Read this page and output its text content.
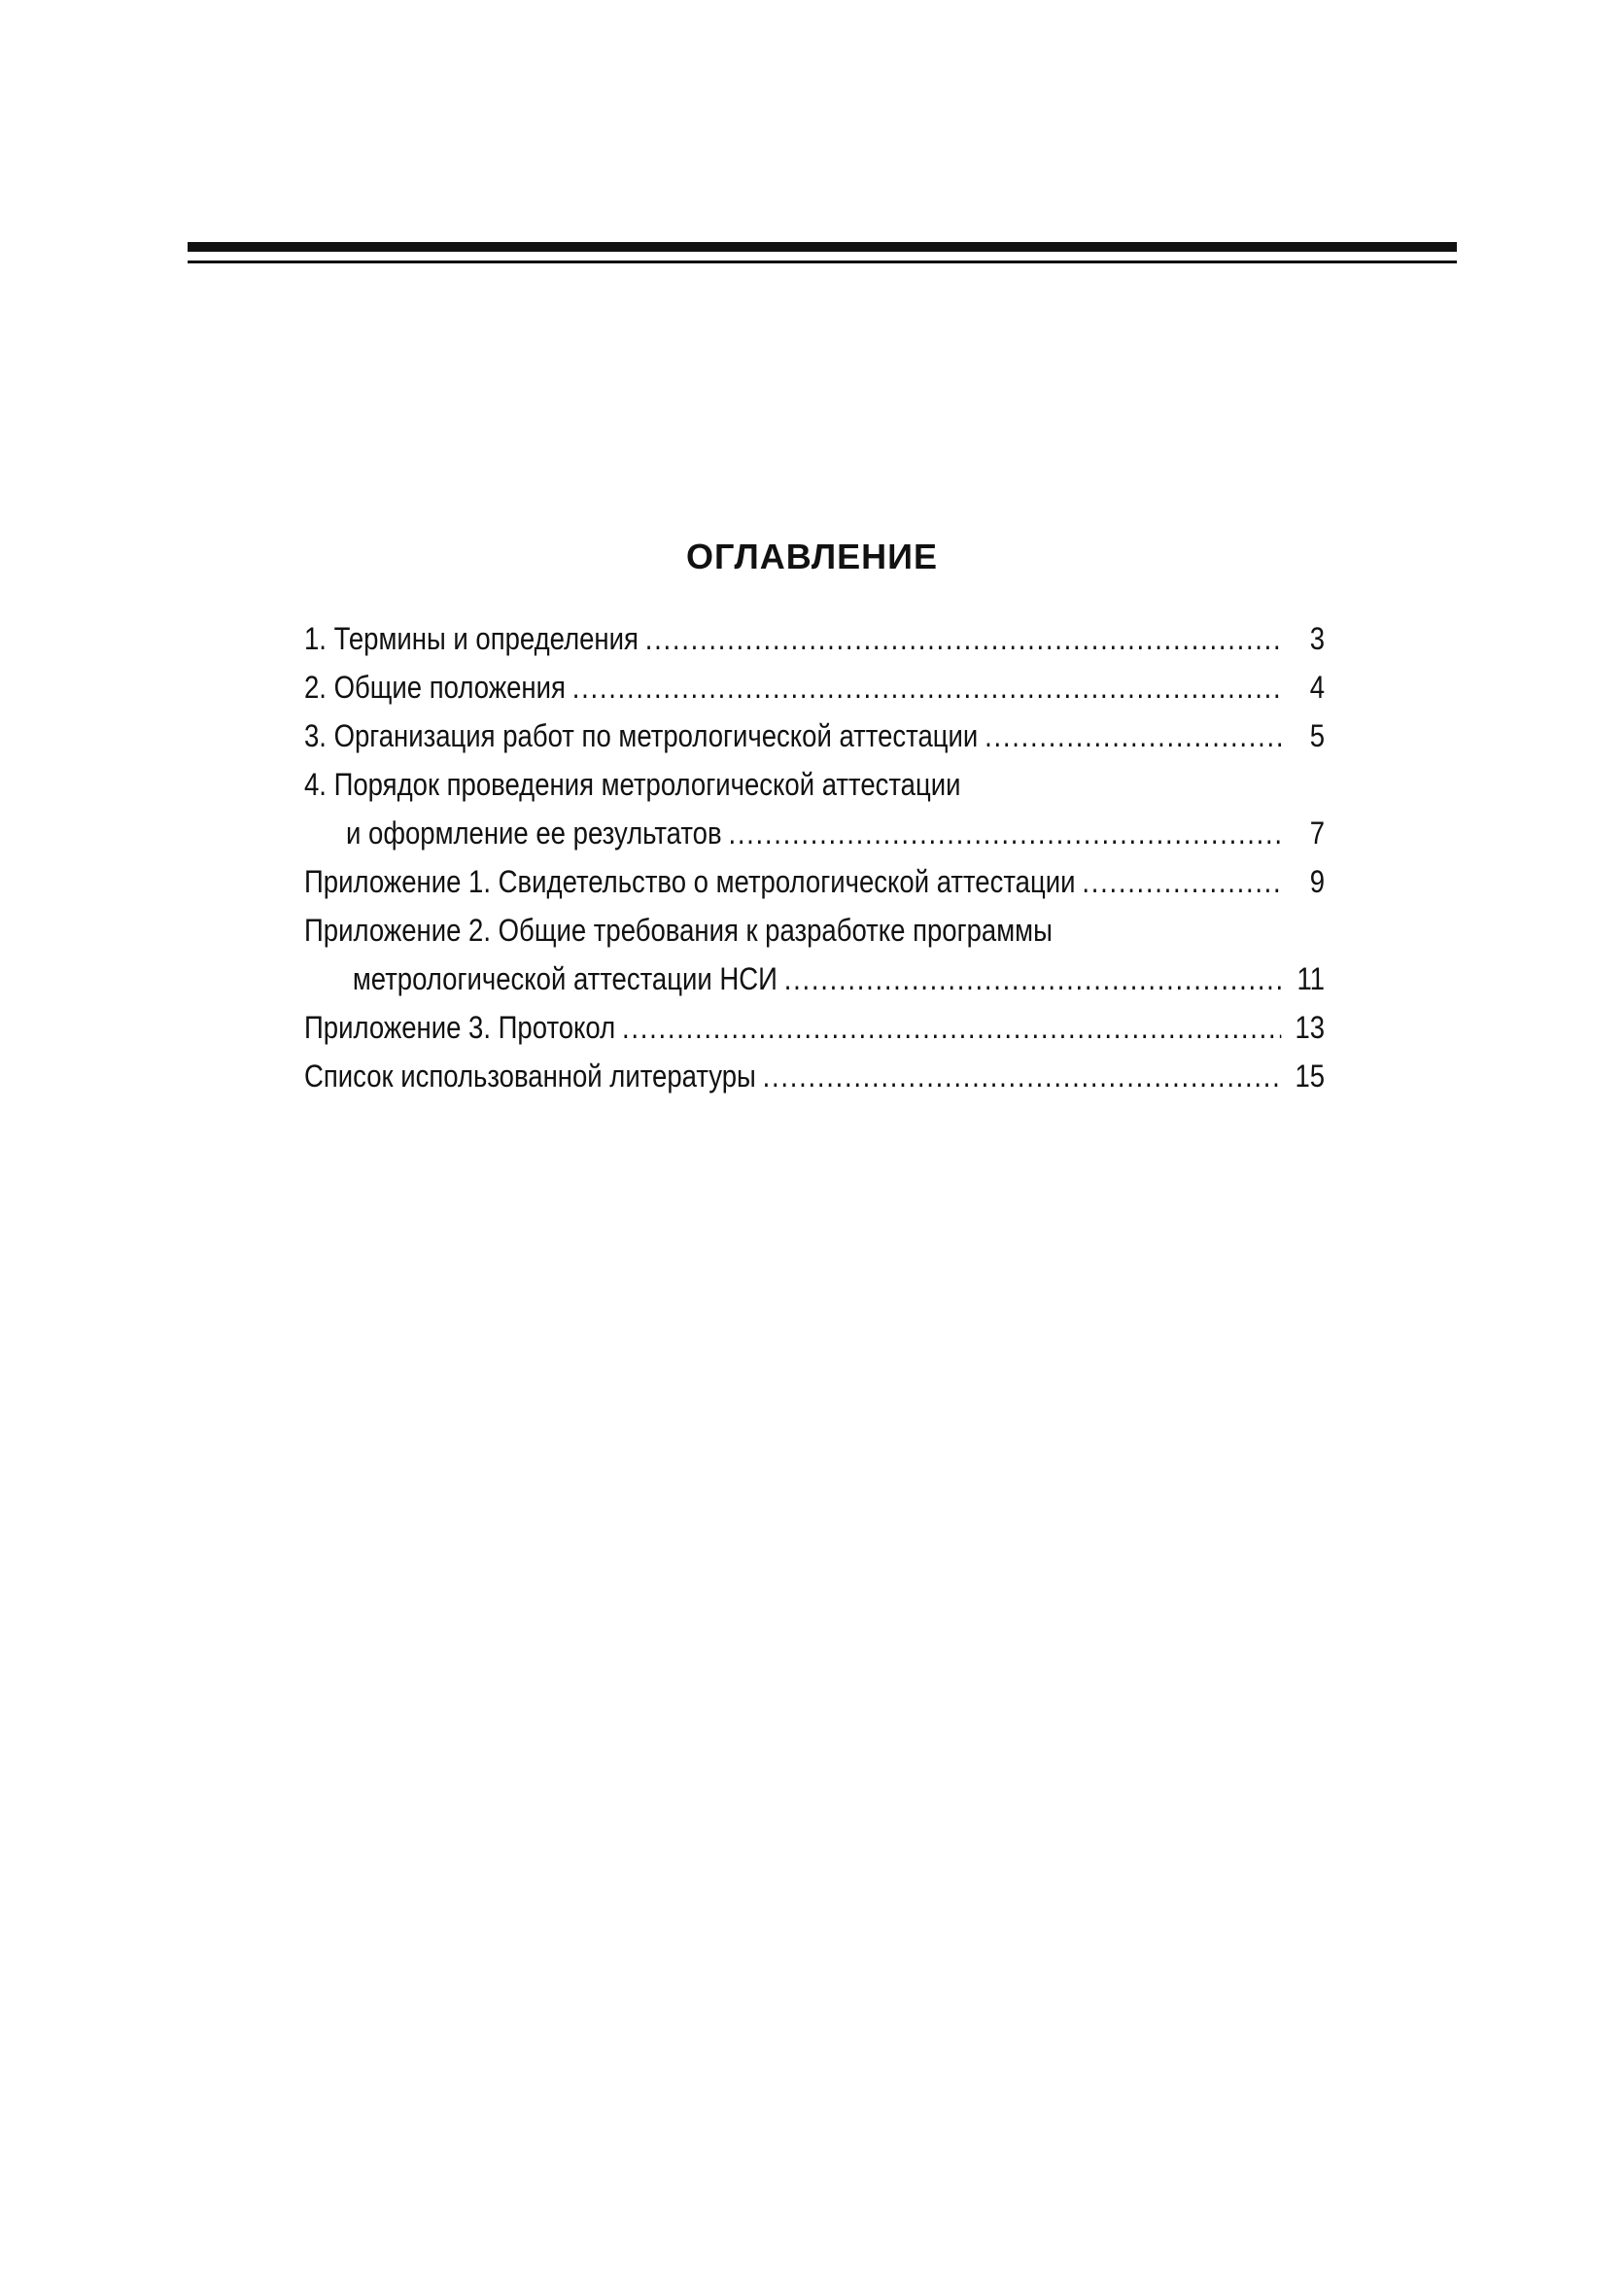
ОГЛАВЛЕНИЕ
1. Термины и определения .....	3
2. Общие положения .....	4
3. Организация работ по метрологической аттестации .....	5
4. Порядок проведения метрологической аттестации
и оформление ее результатов .....	7
Приложение 1. Свидетельство о метрологической аттестации .....	9
Приложение 2. Общие требования к разработке программы
метрологической аттестации НСИ .....	11
Приложение 3. Протокол .....	13
Список использованной литературы .....	15
